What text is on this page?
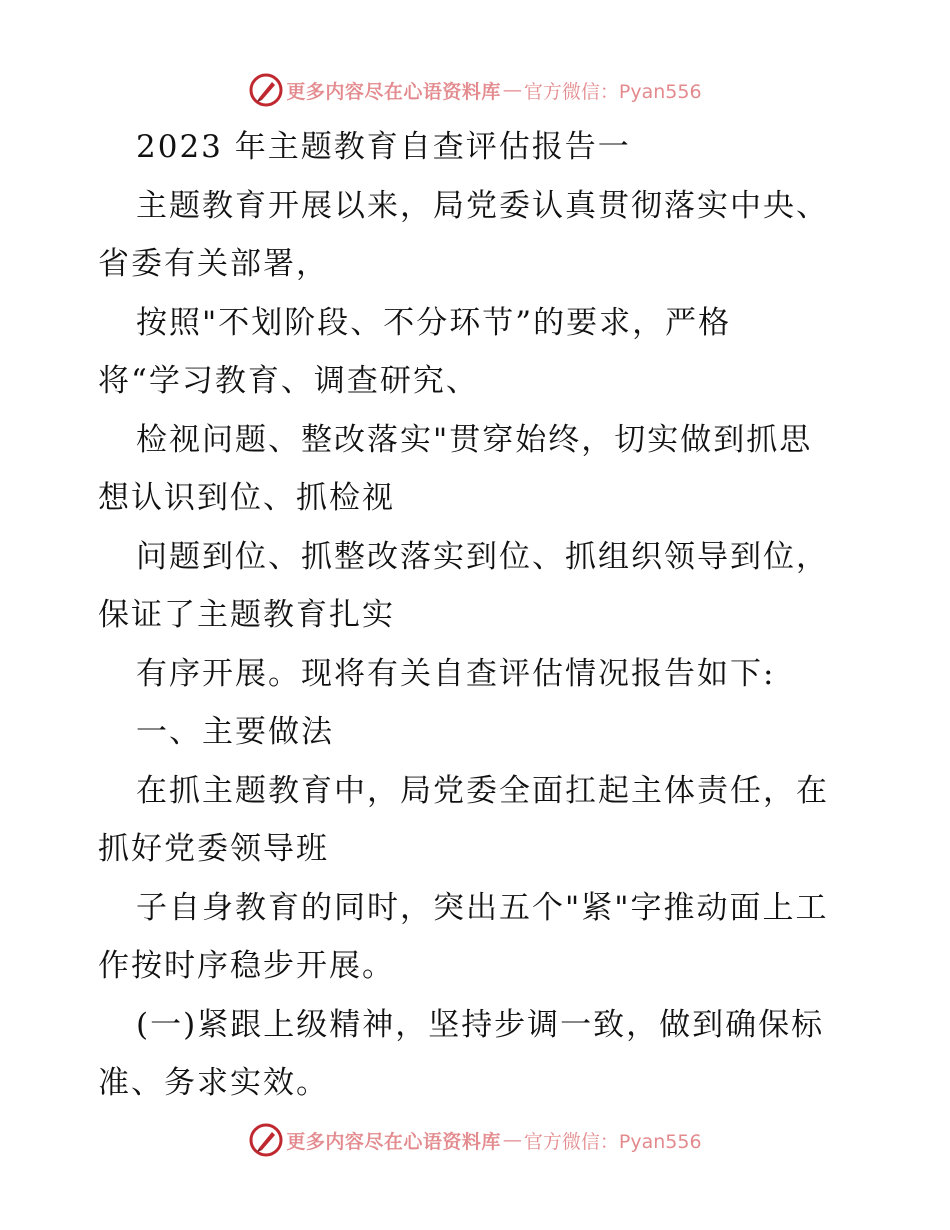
更多内容尽在心语资料库 — 官方微信：Pyan556
2023 年主题教育自查评估报告一
主题教育开展以来，局党委认真贯彻落实中央、
省委有关部署，
按照"不划阶段、不分环节”的要求，严格
将“学习教育、调查研究、
检视问题、整改落实"贯穿始终，切实做到抓思
想认识到位、抓检视
问题到位、抓整改落实到位、抓组织领导到位，
保证了主题教育扎实
有序开展。现将有关自查评估情况报告如下:
一、主要做法
在抓主题教育中，局党委全面扛起主体责任，在
抓好党委领导班
子自身教育的同时，突出五个"紧"字推动面上工
作按时序稳步开展。
(一)紧跟上级精神，坚持步调一致，做到确保标
准、务求实效。
更多内容尽在心语资料库 — 官方微信：Pyan556
